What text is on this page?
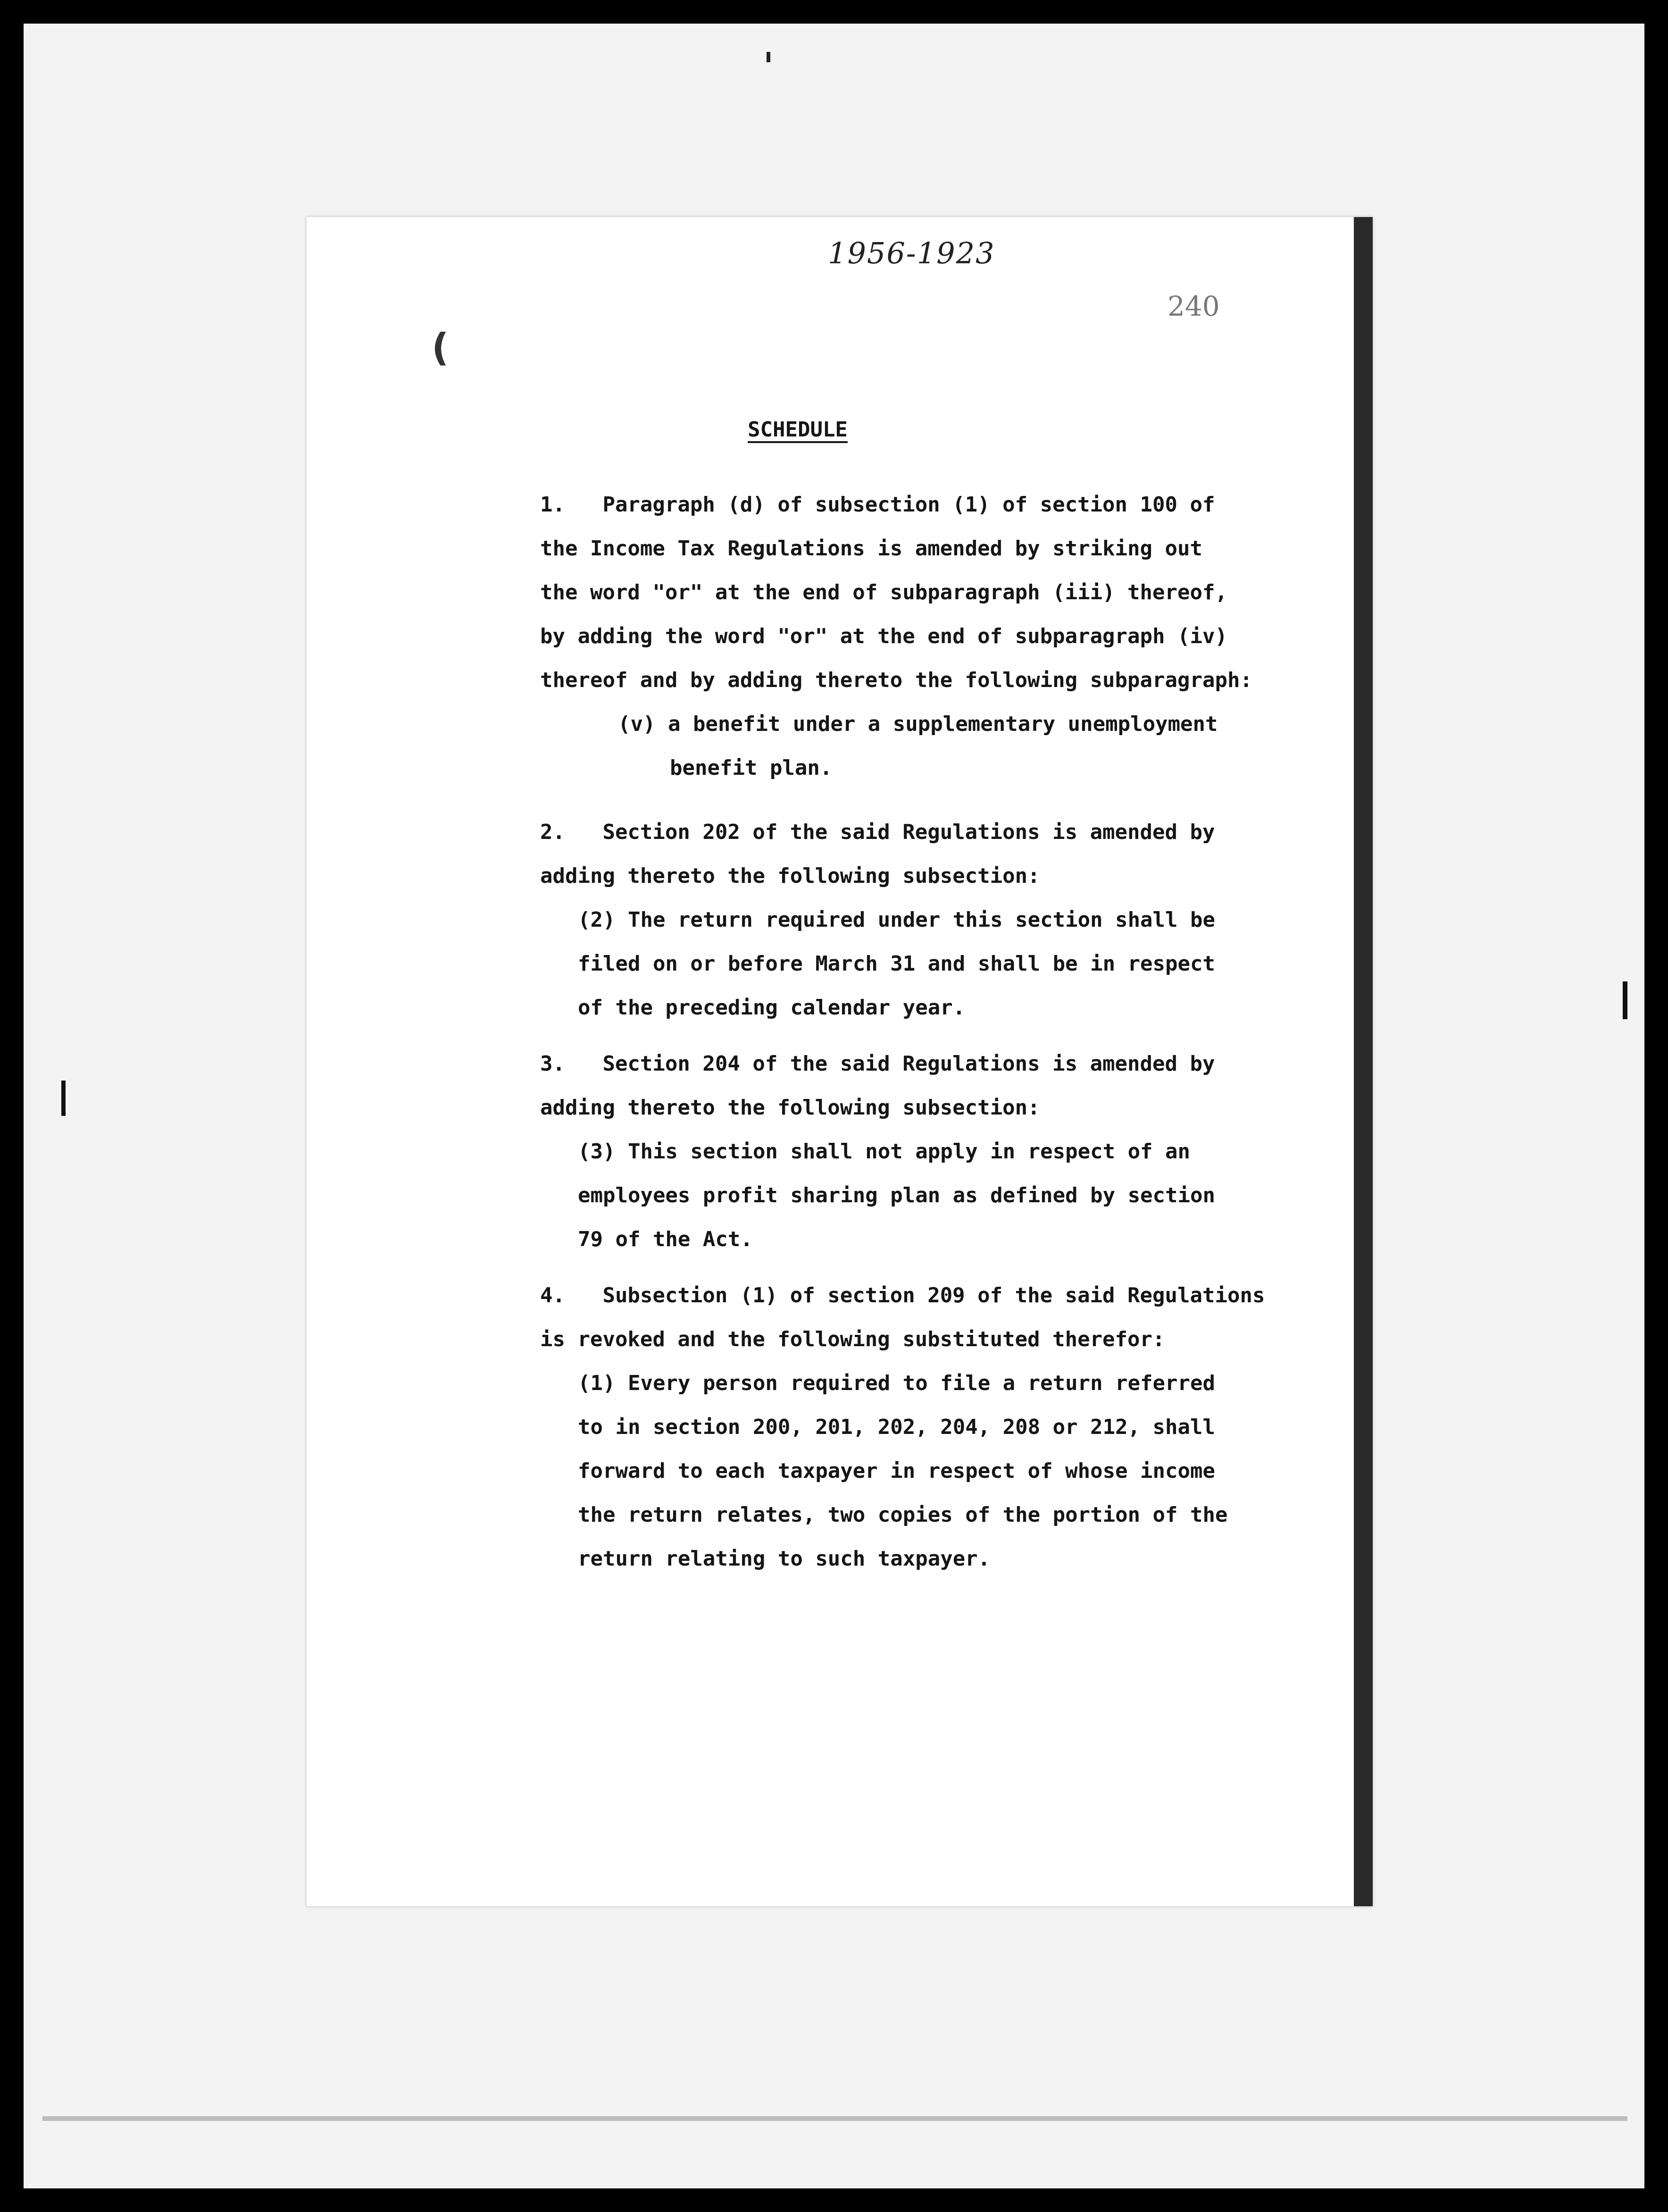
1956-1923
240
(
SCHEDULE
1.   Paragraph (d) of subsection (1) of section 100 of
the Income Tax Regulations is amended by striking out
the word "or" at the end of subparagraph (iii) thereof,
by adding the word "or" at the end of subparagraph (iv)
thereof and by adding thereto the following subparagraph:
(v) a benefit under a supplementary unemployment
benefit plan.
2.   Section 202 of the said Regulations is amended by
adding thereto the following subsection:
(2) The return required under this section shall be
filed on or before March 31 and shall be in respect
of the preceding calendar year.
3.   Section 204 of the said Regulations is amended by
adding thereto the following subsection:
(3) This section shall not apply in respect of an
employees profit sharing plan as defined by section
79 of the Act.
4.   Subsection (1) of section 209 of the said Regulations
is revoked and the following substituted therefor:
(1) Every person required to file a return referred
to in section 200, 201, 202, 204, 208 or 212, shall
forward to each taxpayer in respect of whose income
the return relates, two copies of the portion of the
return relating to such taxpayer.
